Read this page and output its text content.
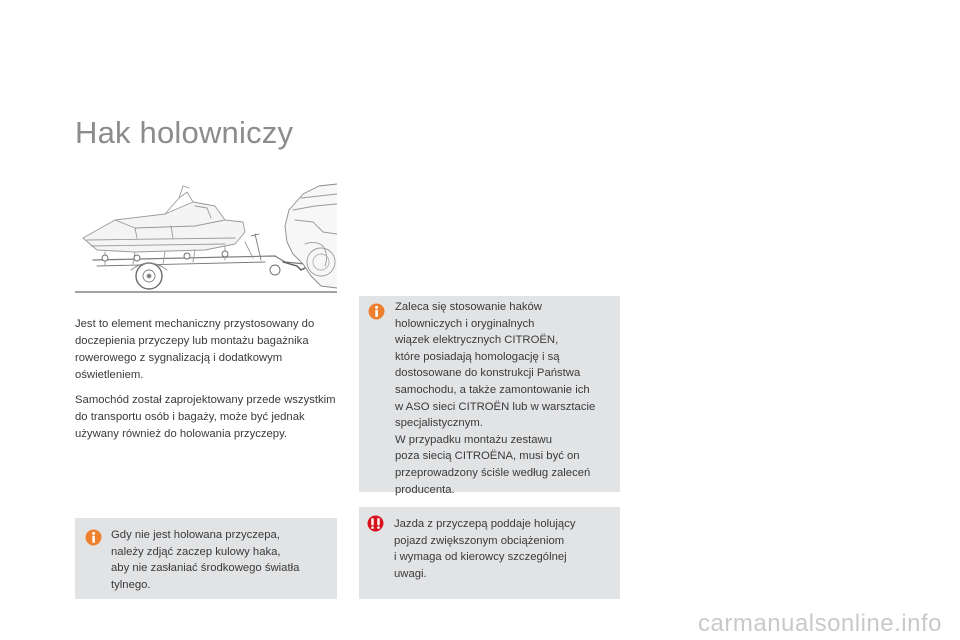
Hak holowniczy

Jest to element mechaniczny przystosowany do doczepienia przyczepy lub montażu bagażnika rowerowego z sygnalizacją i dodatkowym oświetleniem.

Samochód został zaprojektowany przede wszystkim do transportu osób i bagaży, może być jednak używany również do holowania przyczepy.

Gdy nie jest holowana przyczepa,
należy zdjąć zaczep kulowy haka,
aby nie zasłaniać środkowego światła
tylnego.
Zaleca się stosowanie haków
holowniczych i oryginalnych
wiązek elektrycznych CITROËN,
które posiadają homologację i są
dostosowane do konstrukcji Państwa
samochodu, a także zamontowanie ich
w ASO sieci CITROËN lub w warsztacie
specjalistycznym.
W przypadku montażu zestawu
poza siecią CITROËNA, musi być on
przeprowadzony ściśle według zaleceń
producenta.
Jazda z przyczepą poddaje holujący
pojazd zwiększonym obciążeniom
i wymaga od kierowcy szczególnej
uwagi.
carmanualsonline.info
